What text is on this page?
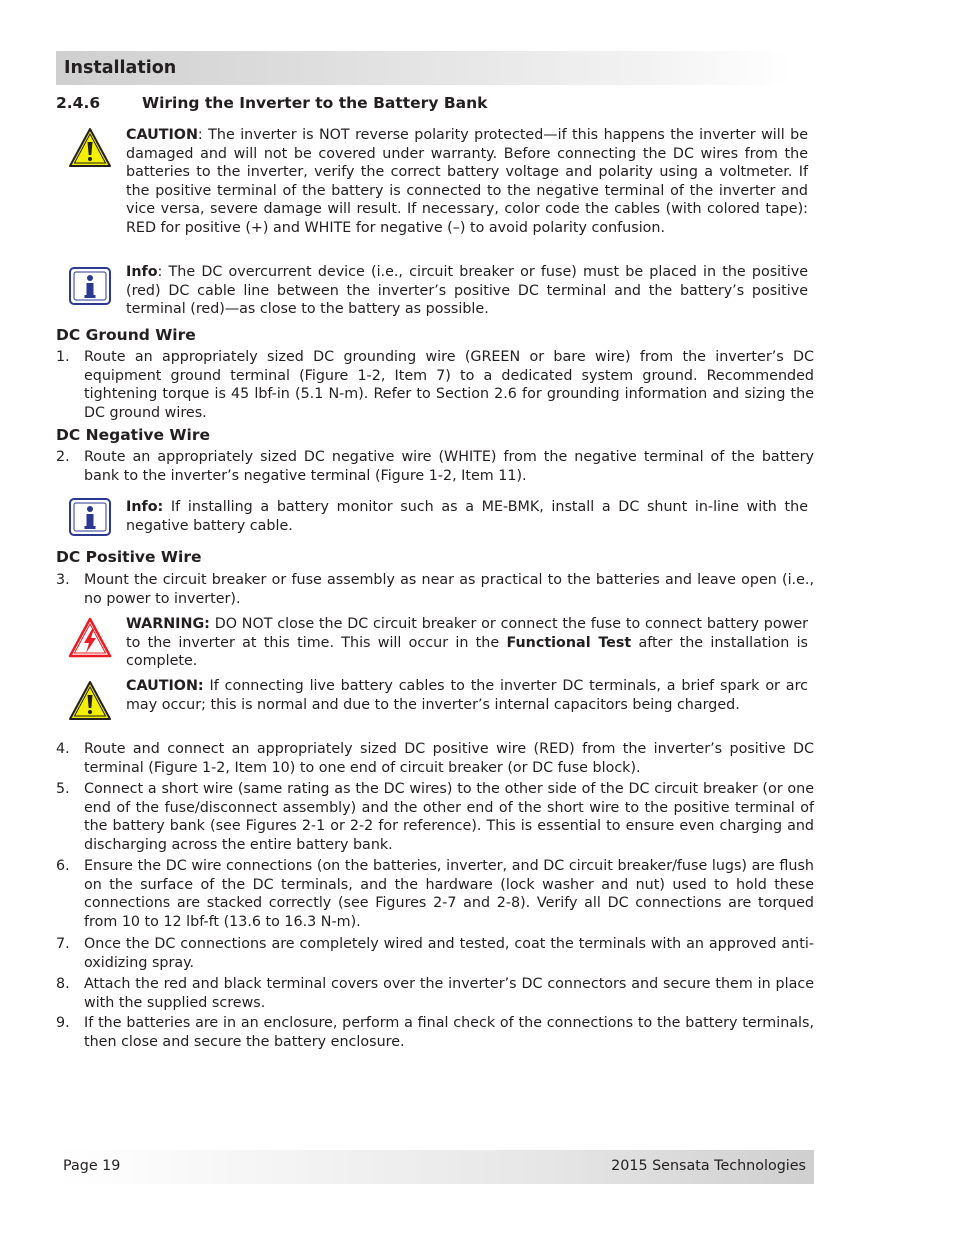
Installation
2.4.6	Wiring the Inverter to the Battery Bank
CAUTION: The inverter is NOT reverse polarity protected—if this happens the inverter will be damaged and will not be covered under warranty. Before connecting the DC wires from the batteries to the inverter, verify the correct battery voltage and polarity using a voltmeter. If the positive terminal of the battery is connected to the negative terminal of the inverter and vice versa, severe damage will result. If necessary, color code the cables (with colored tape): RED for positive (+) and WHITE for negative (–) to avoid polarity confusion.
Info: The DC overcurrent device (i.e., circuit breaker or fuse) must be placed in the positive (red) DC cable line between the inverter’s positive DC terminal and the battery’s positive terminal (red)—as close to the battery as possible.
DC Ground Wire
1. Route an appropriately sized DC grounding wire (GREEN or bare wire) from the inverter’s DC equipment ground terminal (Figure 1-2, Item 7) to a dedicated system ground. Recommended tightening torque is 45 lbf-in (5.1 N-m). Refer to Section 2.6 for grounding information and sizing the DC ground wires.
DC Negative Wire
2. Route an appropriately sized DC negative wire (WHITE) from the negative terminal of the battery bank to the inverter’s negative terminal (Figure 1-2, Item 11).
Info: If installing a battery monitor such as a ME-BMK, install a DC shunt in-line with the negative battery cable.
DC Positive Wire
3. Mount the circuit breaker or fuse assembly as near as practical to the batteries and leave open (i.e., no power to inverter).
WARNING: DO NOT close the DC circuit breaker or connect the fuse to connect battery power to the inverter at this time. This will occur in the Functional Test after the installation is complete.
CAUTION: If connecting live battery cables to the inverter DC terminals, a brief spark or arc may occur; this is normal and due to the inverter’s internal capacitors being charged.
4. Route and connect an appropriately sized DC positive wire (RED) from the inverter’s positive DC terminal (Figure 1-2, Item 10) to one end of circuit breaker (or DC fuse block).
5. Connect a short wire (same rating as the DC wires) to the other side of the DC circuit breaker (or one end of the fuse/disconnect assembly) and the other end of the short wire to the positive terminal of the battery bank (see Figures 2-1 or 2-2 for reference). This is essential to ensure even charging and discharging across the entire battery bank.
6. Ensure the DC wire connections (on the batteries, inverter, and DC circuit breaker/fuse lugs) are flush on the surface of the DC terminals, and the hardware (lock washer and nut) used to hold these connections are stacked correctly (see Figures 2-7 and 2-8). Verify all DC connections are torqued from 10 to 12 lbf-ft (13.6 to 16.3 N-m).
7. Once the DC connections are completely wired and tested, coat the terminals with an approved anti-oxidizing spray.
8. Attach the red and black terminal covers over the inverter’s DC connectors and secure them in place with the supplied screws.
9. If the batteries are in an enclosure, perform a final check of the connections to the battery terminals, then close and secure the battery enclosure.
Page 19	2015 Sensata Technologies
